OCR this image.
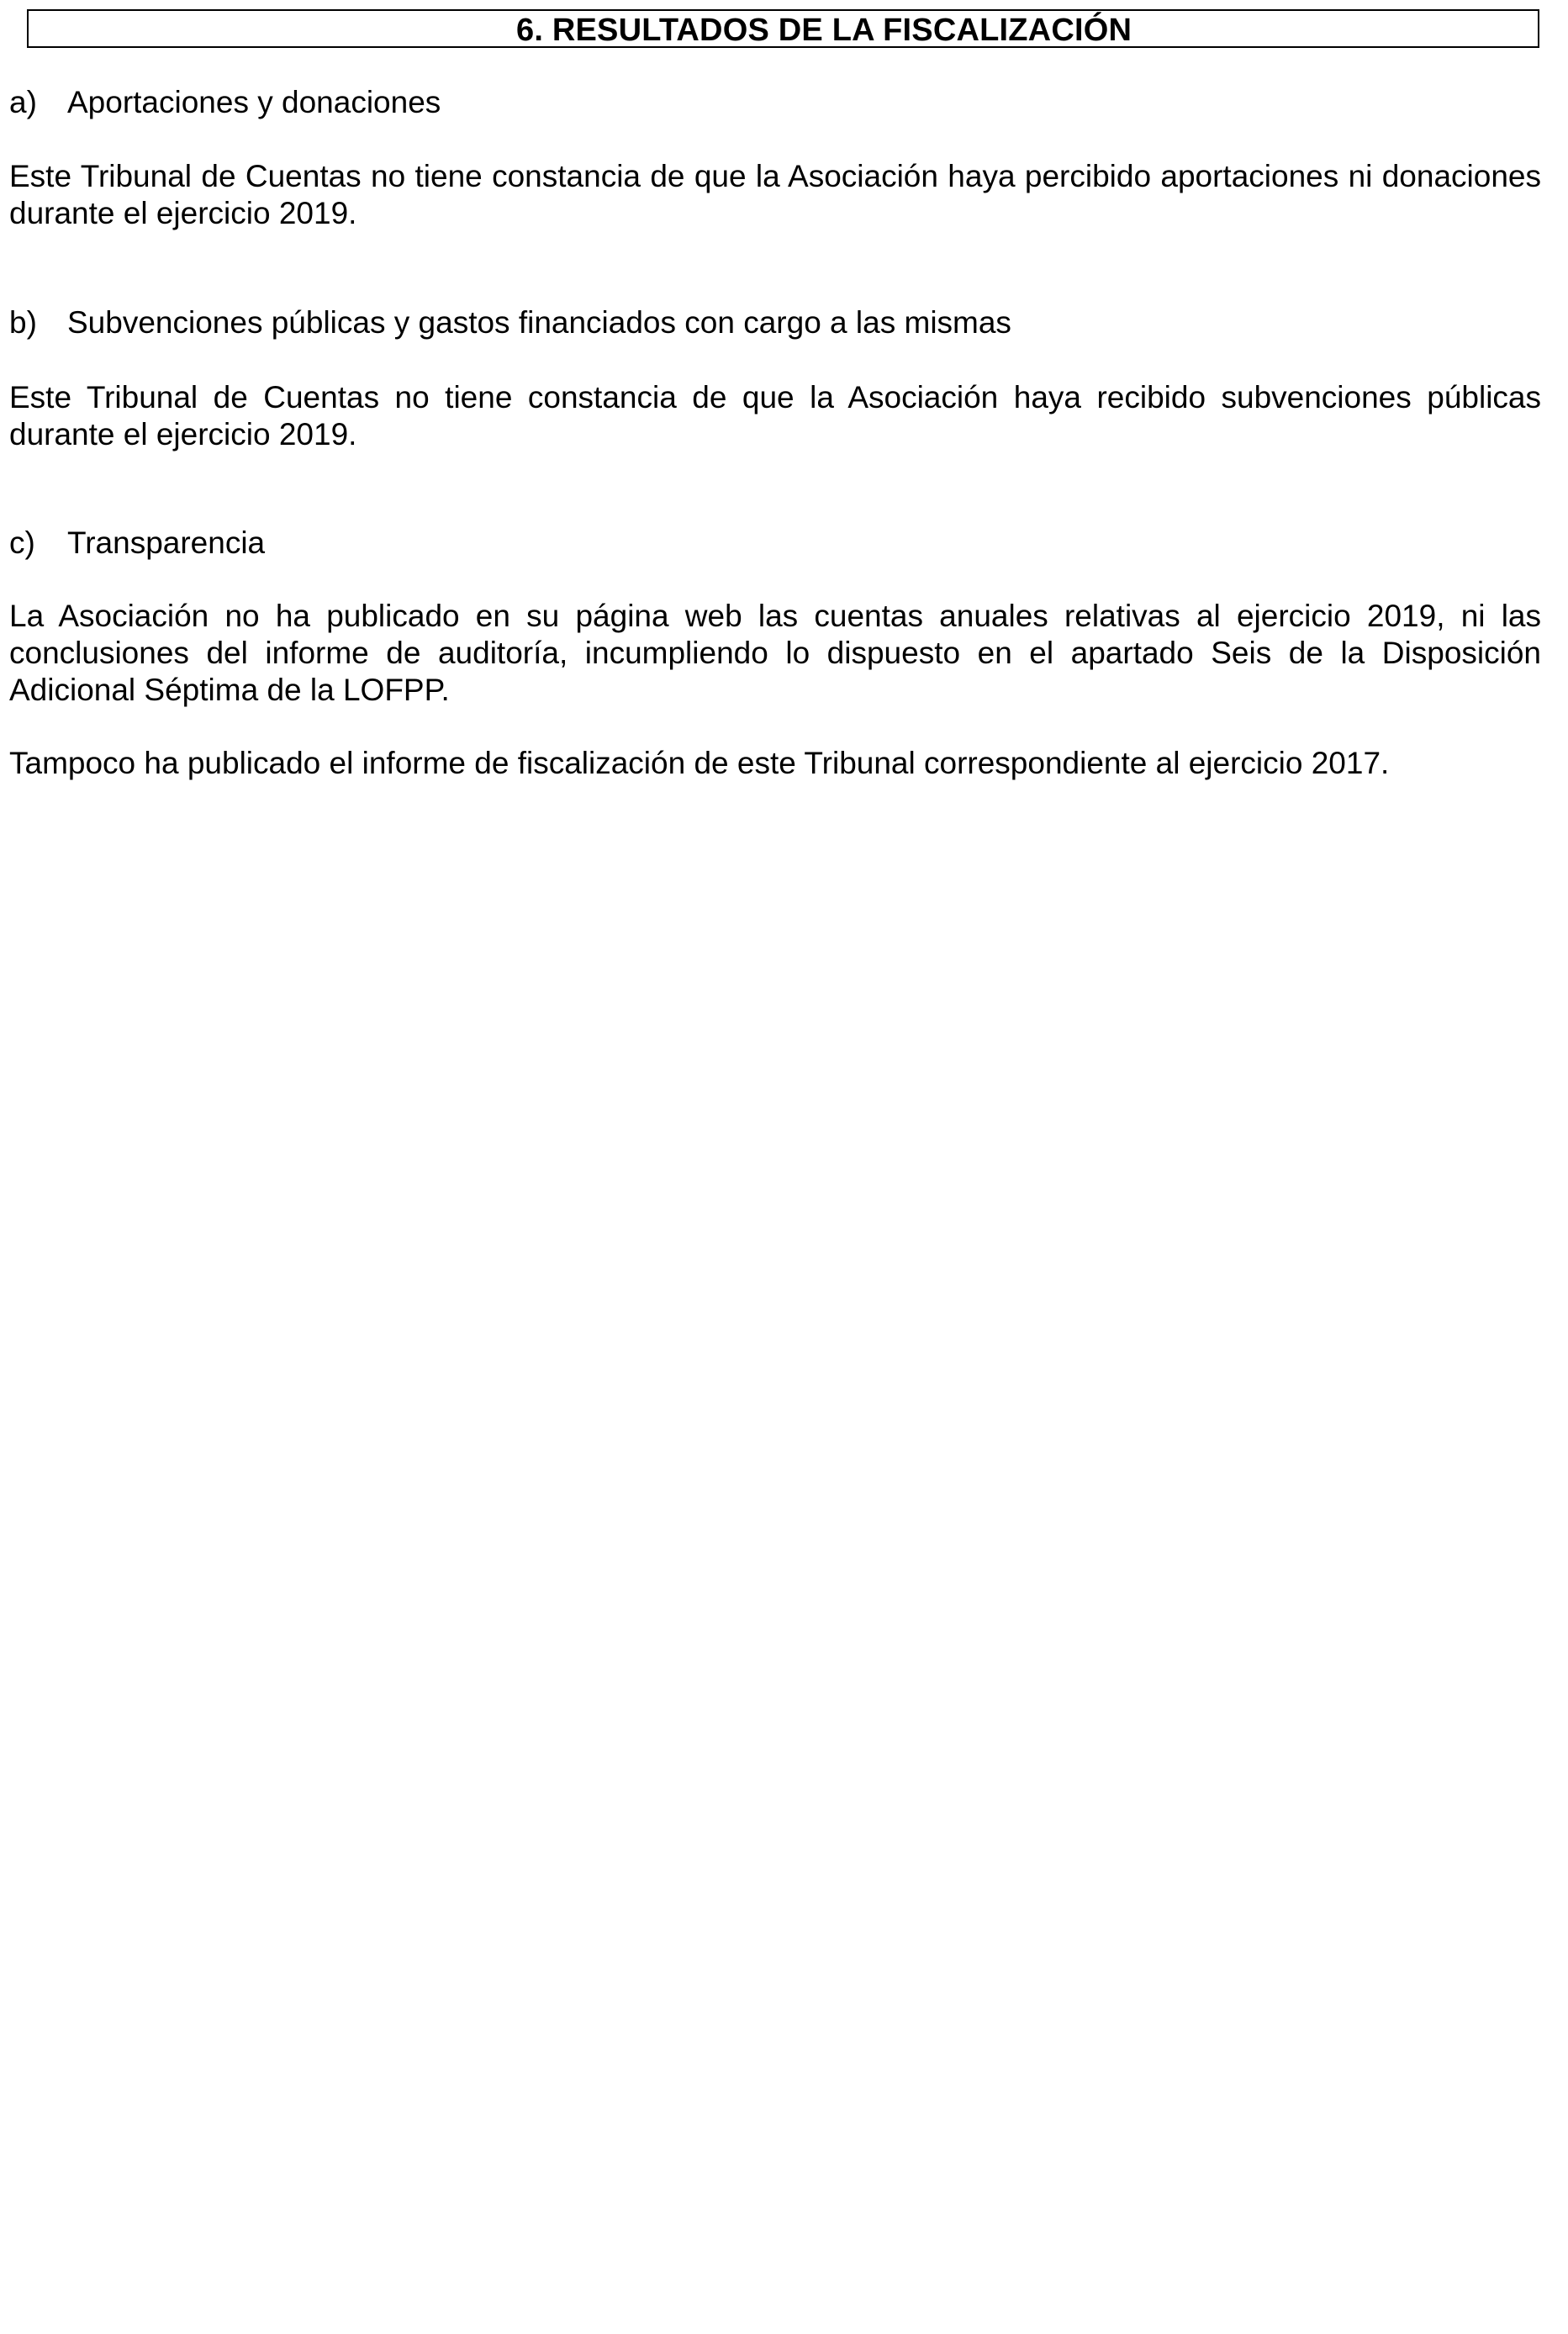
6. RESULTADOS DE LA FISCALIZACIÓN
a) Aportaciones y donaciones

Este Tribunal de Cuentas no tiene constancia de que la Asociación haya percibido aportaciones ni donaciones durante el ejercicio 2019.

b) Subvenciones públicas y gastos financiados con cargo a las mismas

Este Tribunal de Cuentas no tiene constancia de que la Asociación haya recibido subvenciones públicas durante el ejercicio 2019.

c) Transparencia

La Asociación no ha publicado en su página web las cuentas anuales relativas al ejercicio 2019, ni las conclusiones del informe de auditoría, incumpliendo lo dispuesto en el apartado Seis de la Disposición Adicional Séptima de la LOFPP.

Tampoco ha publicado el informe de fiscalización de este Tribunal correspondiente al ejercicio 2017.
